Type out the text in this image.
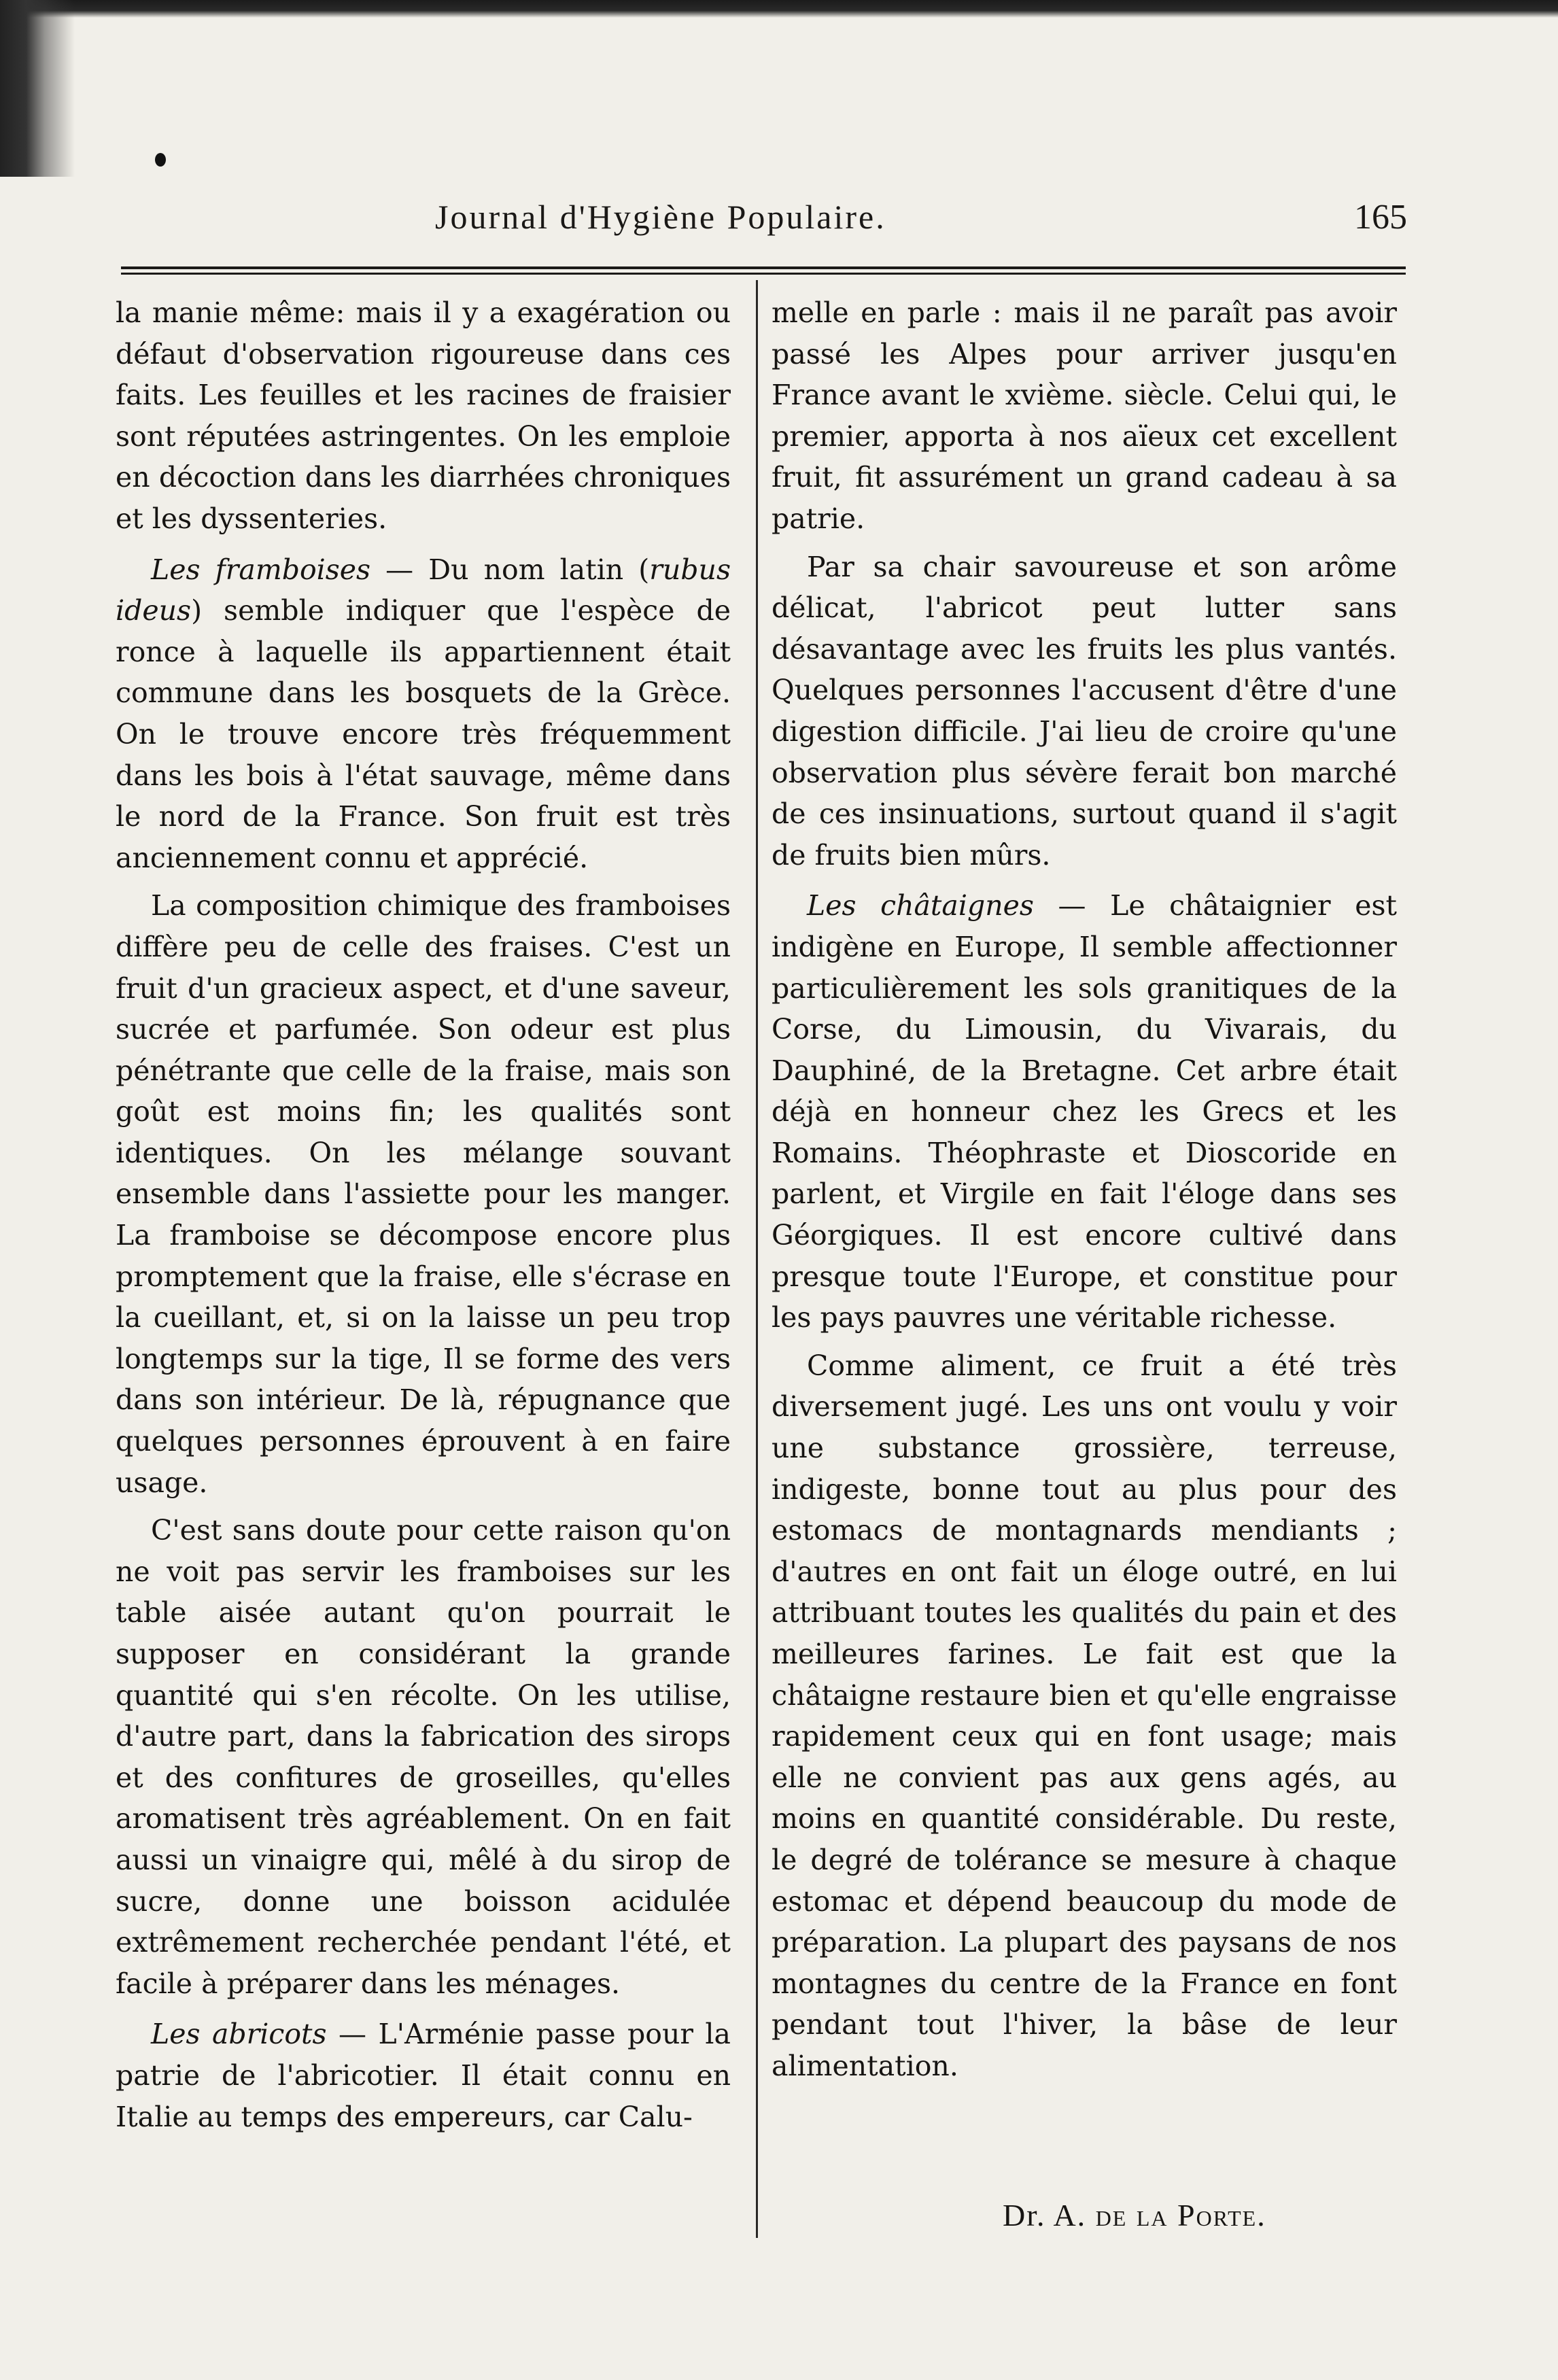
Journal d'Hygiène Populaire.	165

la manie même: mais il y a exagération ou défaut d'observation rigoureuse dans ces faits. Les feuilles et les racines de fraisier sont réputées astringentes. On les emploie en décoction dans les diarrhées chroniques et les dyssenteries.

Les framboises — Du nom latin (rubus ideus) semble indiquer que l'espèce de ronce à laquelle ils appartiennent était commune dans les bosquets de la Grèce. On le trouve encore très fréquemment dans les bois à l'état sauvage, même dans le nord de la France. Son fruit est très anciennement connu et apprécié.

La composition chimique des framboises diffère peu de celle des fraises. C'est un fruit d'un gracieux aspect, et d'une saveur, sucrée et parfumée. Son odeur est plus pénétrante que celle de la fraise, mais son goût est moins fin; les qualités sont identiques. On les mélange souvant ensemble dans l'assiette pour les manger. La framboise se décompose encore plus promptement que la fraise, elle s'écrase en la cueillant, et, si on la laisse un peu trop longtemps sur la tige, Il se forme des vers dans son intérieur. De là, répugnance que quelques personnes éprouvent à en faire usage.

C'est sans doute pour cette raison qu'on ne voit pas servir les framboises sur les table aisée autant qu'on pourrait le supposer en considérant la grande quantité qui s'en récolte. On les utilise, d'autre part, dans la fabrication des sirops et des confitures de groseilles, qu'elles aromatisent très agréablement. On en fait aussi un vinaigre qui, mêlé à du sirop de sucre, donne une boisson acidulée extrêmement recherchée pendant l'été, et facile à préparer dans les ménages.

Les abricots — L'Arménie passe pour la patrie de l'abricotier. Il était connu en Italie au temps des empereurs, car Calu-

melle en parle : mais il ne paraît pas avoir passé les Alpes pour arriver jusqu'en France avant le xvième. siècle. Celui qui, le premier, apporta à nos aïeux cet excellent fruit, fit assurément un grand cadeau à sa patrie.

Par sa chair savoureuse et son arôme délicat, l'abricot peut lutter sans désavantage avec les fruits les plus vantés. Quelques personnes l'accusent d'être d'une digestion difficile. J'ai lieu de croire qu'une observation plus sévère ferait bon marché de ces insinuations, surtout quand il s'agit de fruits bien mûrs.

Les châtaignes — Le châtaignier est indigène en Europe, Il semble affectionner particulièrement les sols granitiques de la Corse, du Limousin, du Vivarais, du Dauphiné, de la Bretagne. Cet arbre était déjà en honneur chez les Grecs et les Romains. Théophraste et Dioscoride en parlent, et Virgile en fait l'éloge dans ses Géorgiques. Il est encore cultivé dans presque toute l'Europe, et constitue pour les pays pauvres une véritable richesse.

Comme aliment, ce fruit a été très diversement jugé. Les uns ont voulu y voir une substance grossière, terreuse, indigeste, bonne tout au plus pour des estomacs de montagnards mendiants ; d'autres en ont fait un éloge outré, en lui attribuant toutes les qualités du pain et des meilleures farines. Le fait est que la châtaigne restaure bien et qu'elle engraisse rapidement ceux qui en font usage; mais elle ne convient pas aux gens agés, au moins en quantité considérable. Du reste, le degré de tolérance se mesure à chaque estomac et dépend beaucoup du mode de préparation. La plupart des paysans de nos montagnes du centre de la France en font pendant tout l'hiver, la bâse de leur alimentation.

Dr. A. de la Porte.
